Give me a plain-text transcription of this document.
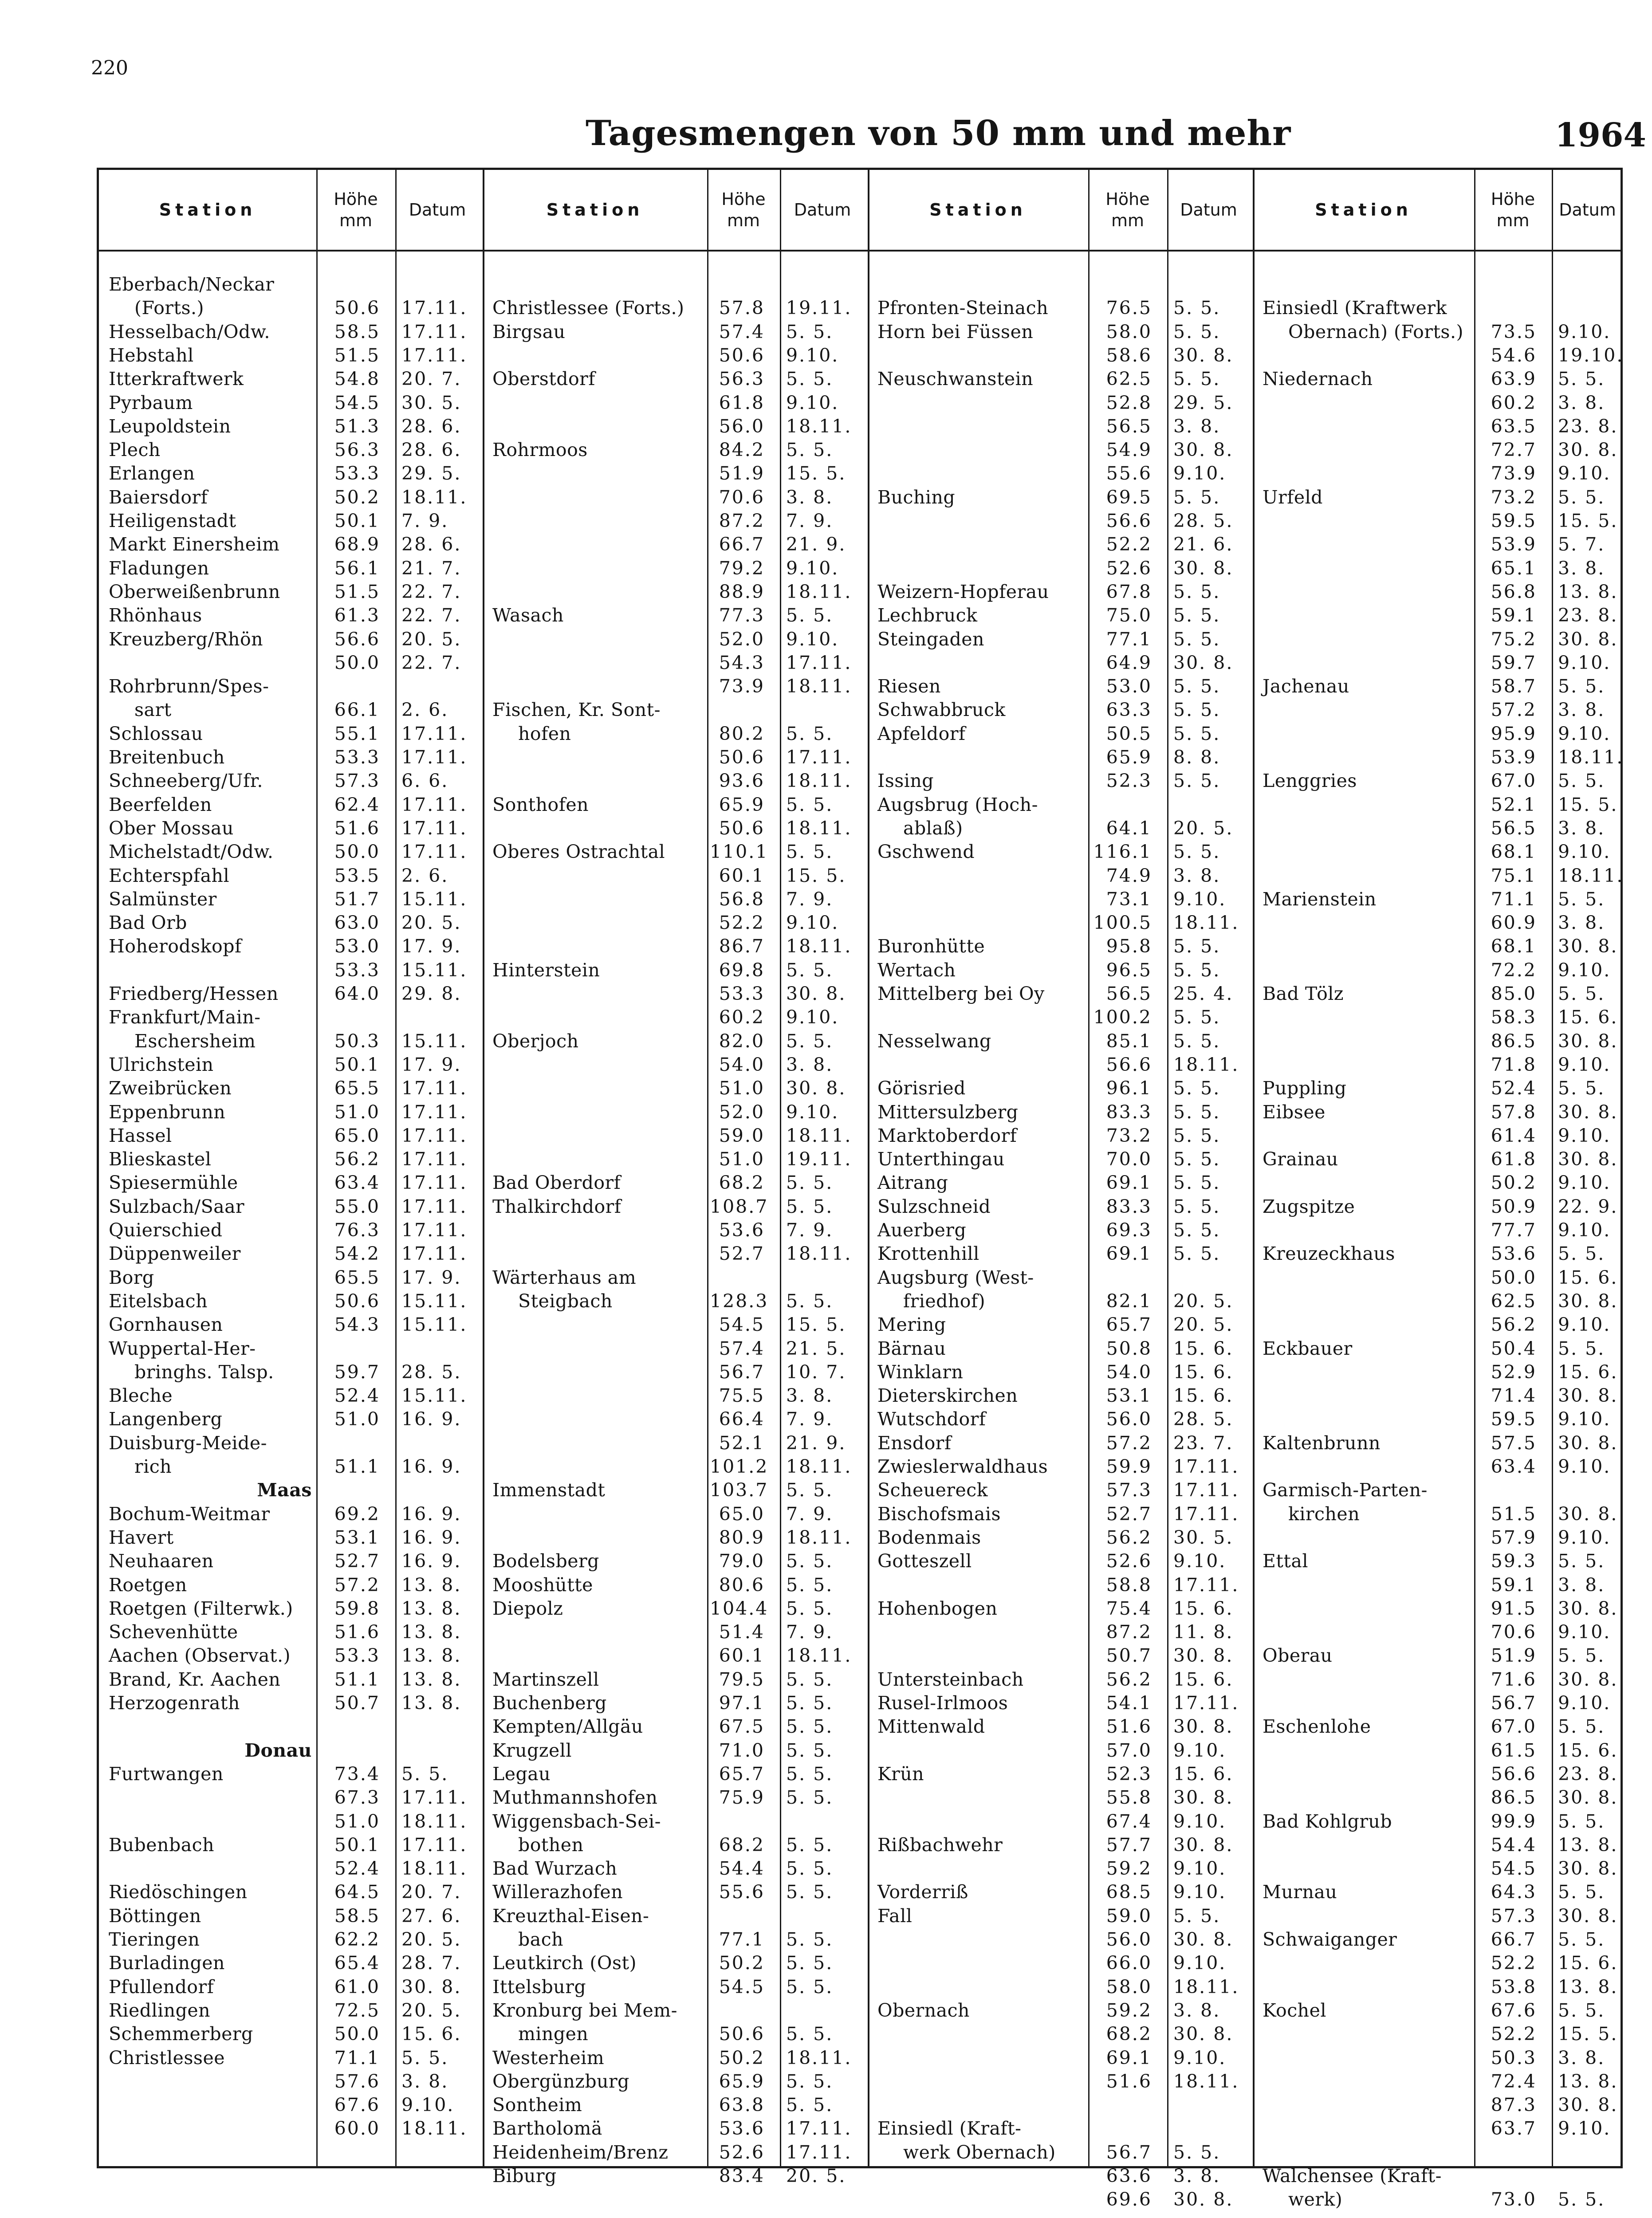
220
Tagesmengen von 50 mm und mehr	1964
Station
Höhe
mm
Datum
Eberbach/Neckar
(Forts.)	50.6 17.11.
Hesselbach/Odw.	58.5 17.11.
Hebstahl	51.5 17.11.
Itterkraftwerk	54.8 20. 7.
Pyrbaum	54.5 30. 5.
Leupoldstein	51.3 28. 6.
Plech	56.3 28. 6.
Erlangen	53.3 29. 5.
Baiersdorf	50.2 18.11.
Heiligenstadt	50.1 7. 9.
Markt Einersheim	68.9 28. 6.
Fladungen	56.1 21. 7.
Oberweißenbrunn	51.5 22. 7.
Rhönhaus	61.3 22. 7.
Kreuzberg/Rhön	56.6 20. 5.
50.0 22. 7.
Rohrbrunn/Spes-
sart	66.1 2. 6.
Schlossau	55.1 17.11.
Breitenbuch	53.3 17.11.
Schneeberg/Ufr.	57.3 6. 6.
Beerfelden	62.4 17.11.
Ober Mossau	51.6 17.11.
Michelstadt/Odw.	50.0 17.11.
Echterspfahl	53.5 2. 6.
Salmünster	51.7 15.11.
Bad Orb	63.0 20. 5.
Hoherodskopf	53.0 17. 9.
53.3 15.11.
Friedberg/Hessen	64.0 29. 8.
Frankfurt/Main-
Eschersheim	50.3 15.11.
Ulrichstein	50.1 17. 9.
Zweibrücken	65.5 17.11.
Eppenbrunn	51.0 17.11.
Hassel	65.0 17.11.
Blieskastel	56.2 17.11.
Spiesermühle	63.4 17.11.
Sulzbach/Saar	55.0 17.11.
Quierschied	76.3 17.11.
Düppenweiler	54.2 17.11.
Borg	65.5 17. 9.
Eitelsbach	50.6 15.11.
Gornhausen	54.3 15.11.
Wuppertal-Her-
bringhs. Talsp.	59.7 28. 5.
Bleche	52.4 15.11.
Langenberg	51.0 16. 9.
Duisburg-Meide-
rich	51.1 16. 9.
Maas
Bochum-Weitmar	69.2 16. 9.
Havert	53.1 16. 9.
Neuhaaren	52.7 16. 9.
Roetgen	57.2 13. 8.
Roetgen (Filterwk.)	59.8 13. 8.
Schevenhütte	51.6 13. 8.
Aachen (Observat.)	53.3 13. 8.
Brand, Kr. Aachen	51.1 13. 8.
Herzogenrath	50.7 13. 8.
Donau
Furtwangen	73.4 5. 5.
67.3 17.11.
51.0 18.11.
Bubenbach	50.1 17.11.
52.4 18.11.
Riedöschingen	64.5 20. 7.
Böttingen	58.5 27. 6.
Tieringen	62.2 20. 5.
Burladingen	65.4 28. 7.
Pfullendorf	61.0 30. 8.
Riedlingen	72.5 20. 5.
Schemmerberg	50.0 15. 6.
Christlessee	71.1 5. 5.
57.6 3. 8.
67.6 9.10.
60.0 18.11.
Station
Höhe
mm
Datum
Christlessee (Forts.)	57.8 19.11.
Birgsau	57.4 5. 5.
50.6 9.10.
Oberstdorf	56.3 5. 5.
61.8 9.10.
56.0 18.11.
Rohrmoos	84.2 5. 5.
51.9 15. 5.
70.6 3. 8.
87.2 7. 9.
66.7 21. 9.
79.2 9.10.
88.9 18.11.
Wasach	77.3 5. 5.
52.0 9.10.
54.3 17.11.
73.9 18.11.
Fischen, Kr. Sont-
hofen	80.2 5. 5.
50.6 17.11.
93.6 18.11.
Sonthofen	65.9 5. 5.
50.6 18.11.
Oberes Ostrachtal	110.1 5. 5.
60.1 15. 5.
56.8 7. 9.
52.2 9.10.
86.7 18.11.
Hinterstein	69.8 5. 5.
53.3 30. 8.
60.2 9.10.
Oberjoch	82.0 5. 5.
54.0 3. 8.
51.0 30. 8.
52.0 9.10.
59.0 18.11.
51.0 19.11.
Bad Oberdorf	68.2 5. 5.
Thalkirchdorf	108.7 5. 5.
53.6 7. 9.
52.7 18.11.
Wärterhaus am
Steigbach	128.3 5. 5.
54.5 15. 5.
57.4 21. 5.
56.7 10. 7.
75.5 3. 8.
66.4 7. 9.
52.1 21. 9.
101.2 18.11.
Immenstadt	103.7 5. 5.
65.0 7. 9.
80.9 18.11.
Bodelsberg	79.0 5. 5.
Mooshütte	80.6 5. 5.
Diepolz	104.4 5. 5.
51.4 7. 9.
60.1 18.11.
Martinszell	79.5 5. 5.
Buchenberg	97.1 5. 5.
Kempten/Allgäu	67.5 5. 5.
Krugzell	71.0 5. 5.
Legau	65.7 5. 5.
Muthmannshofen	75.9 5. 5.
Wiggensbach-Sei-
bothen	68.2 5. 5.
Bad Wurzach	54.4 5. 5.
Willerazhofen	55.6 5. 5.
Kreuzthal-Eisen-
bach	77.1 5. 5.
Leutkirch (Ost)	50.2 5. 5.
Ittelsburg	54.5 5. 5.
Kronburg bei Mem-
mingen	50.6 5. 5.
Westerheim	50.2 18.11.
Obergünzburg	65.9 5. 5.
Sontheim	63.8 5. 5.
Bartholomä	53.6 17.11.
Heidenheim/Brenz	52.6 17.11.
Biburg	83.4 20. 5.
Station
Höhe
mm
Datum
Pfronten-Steinach	76.5 5. 5.
Horn bei Füssen	58.0 5. 5.
58.6 30. 8.
Neuschwanstein	62.5 5. 5.
52.8 29. 5.
56.5 3. 8.
54.9 30. 8.
55.6 9.10.
Buching	69.5 5. 5.
56.6 28. 5.
52.2 21. 6.
52.6 30. 8.
Weizern-Hopferau	67.8 5. 5.
Lechbruck	75.0 5. 5.
Steingaden	77.1 5. 5.
64.9 30. 8.
Riesen	53.0 5. 5.
Schwabbruck	63.3 5. 5.
Apfeldorf	50.5 5. 5.
65.9 8. 8.
Issing	52.3 5. 5.
Augsbrug (Hoch-
ablaß)	64.1 20. 5.
Gschwend	116.1 5. 5.
74.9 3. 8.
73.1 9.10.
100.5 18.11.
Buronhütte	95.8 5. 5.
Wertach	96.5 5. 5.
Mittelberg bei Oy	56.5 25. 4.
100.2 5. 5.
Nesselwang	85.1 5. 5.
56.6 18.11.
Görisried	96.1 5. 5.
Mittersulzberg	83.3 5. 5.
Marktoberdorf	73.2 5. 5.
Unterthingau	70.0 5. 5.
Aitrang	69.1 5. 5.
Sulzschneid	83.3 5. 5.
Auerberg	69.3 5. 5.
Krottenhill	69.1 5. 5.
Augsburg (West-
friedhof)	82.1 20. 5.
Mering	65.7 20. 5.
Bärnau	50.8 15. 6.
Winklarn	54.0 15. 6.
Dieterskirchen	53.1 15. 6.
Wutschdorf	56.0 28. 5.
Ensdorf	57.2 23. 7.
Zwieslerwaldhaus	59.9 17.11.
Scheuereck	57.3 17.11.
Bischofsmais	52.7 17.11.
Bodenmais	56.2 30. 5.
Gotteszell	52.6 9.10.
58.8 17.11.
Hohenbogen	75.4 15. 6.
87.2 11. 8.
50.7 30. 8.
Untersteinbach	56.2 15. 6.
Rusel-Irlmoos	54.1 17.11.
Mittenwald	51.6 30. 8.
57.0 9.10.
Krün	52.3 15. 6.
55.8 30. 8.
67.4 9.10.
Rißbachwehr	57.7 30. 8.
59.2 9.10.
Vorderriß	68.5 9.10.
Fall	59.0 5. 5.
56.0 30. 8.
66.0 9.10.
58.0 18.11.
Obernach	59.2 3. 8.
68.2 30. 8.
69.1 9.10.
51.6 18.11.
Einsiedl (Kraft-
werk Obernach)	56.7 5. 5.
63.6 3. 8.
69.6 30. 8.
Station
Höhe
mm
Datum
Einsiedl (Kraftwerk
Obernach) (Forts.)	73.5 9.10.
54.6 19.10.
Niedernach	63.9 5. 5.
60.2 3. 8.
63.5 23. 8.
72.7 30. 8.
73.9 9.10.
Urfeld	73.2 5. 5.
59.5 15. 5.
53.9 5. 7.
65.1 3. 8.
56.8 13. 8.
59.1 23. 8.
75.2 30. 8.
59.7 9.10.
Jachenau	58.7 5. 5.
57.2 3. 8.
95.9 9.10.
53.9 18.11.
Lenggries	67.0 5. 5.
52.1 15. 5.
56.5 3. 8.
68.1 9.10.
75.1 18.11.
Marienstein	71.1 5. 5.
60.9 3. 8.
68.1 30. 8.
72.2 9.10.
Bad Tölz	85.0 5. 5.
58.3 15. 6.
86.5 30. 8.
71.8 9.10.
Puppling	52.4 5. 5.
Eibsee	57.8 30. 8.
61.4 9.10.
Grainau	61.8 30. 8.
50.2 9.10.
Zugspitze	50.9 22. 9.
77.7 9.10.
Kreuzeckhaus	53.6 5. 5.
50.0 15. 6.
62.5 30. 8.
56.2 9.10.
Eckbauer	50.4 5. 5.
52.9 15. 6.
71.4 30. 8.
59.5 9.10.
Kaltenbrunn	57.5 30. 8.
63.4 9.10.
Garmisch-Parten-
kirchen	51.5 30. 8.
57.9 9.10.
Ettal	59.3 5. 5.
59.1 3. 8.
91.5 30. 8.
70.6 9.10.
Oberau	51.9 5. 5.
71.6 30. 8.
56.7 9.10.
Eschenlohe	67.0 5. 5.
61.5 15. 6.
56.6 23. 8.
86.5 30. 8.
Bad Kohlgrub	99.9 5. 5.
54.4 13. 8.
54.5 30. 8.
Murnau	64.3 5. 5.
57.3 30. 8.
Schwaiganger	66.7 5. 5.
52.2 15. 6.
53.8 13. 8.
Kochel	67.6 5. 5.
52.2 15. 5.
50.3 3. 8.
72.4 13. 8.
87.3 30. 8.
63.7 9.10.
Walchensee (Kraft-
werk)	73.0 5. 5.
